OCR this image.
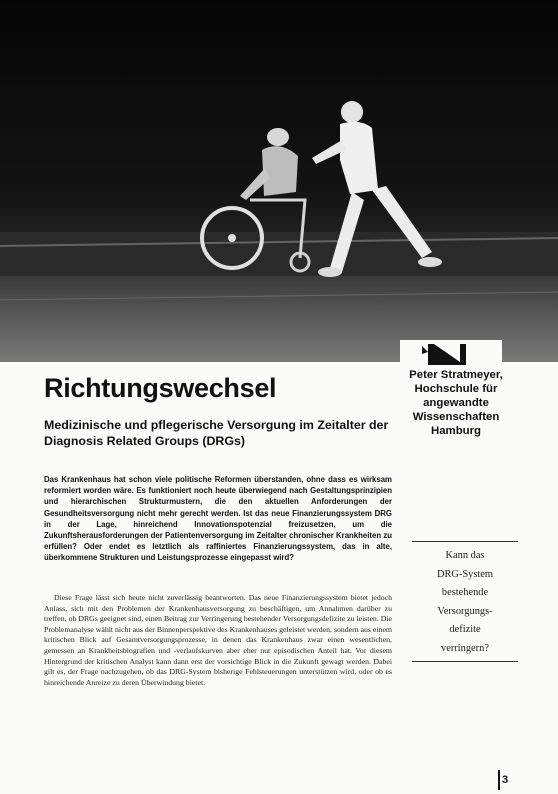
Peter Stratmeyer,
Hochschule für
angewandte
Wissenschaften
Hamburg
Richtungswechsel
Medizinische und pflegerische Versorgung im Zeitalter der Diagnosis Related Groups (DRGs)

Das Krankenhaus hat schon viele politische Reformen überstanden, ohne dass es wirksam reformiert worden wäre. Es funktioniert noch heute überwiegend nach Gestaltungsprinzipien und hierarchischen Strukturmustern, die den aktuellen Anforderungen der Gesundheitsversorgung nicht mehr gerecht werden. Ist das neue Finanzierungssystem DRG in der Lage, hinreichend Innovationspotenzial freizusetzen, um die Zukunftsherausforderungen der Patientenversorgung im Zeitalter chronischer Krankheiten zu erfüllen? Oder endet es letztlich als raffiniertes Finanzierungssystem, das in alte, überkommene Strukturen und Leistungsprozesse eingepasst wird?

Diese Frage lässt sich heute nicht zuverlässig beantworten. Das neue Finanzierungssystem bietet jedoch Anlass, sich mit den Problemen der Krankenhausversorgung zu beschäftigen, um Annahmen darüber zu treffen, ob DRGs geeignet sind, einen Beitrag zur Verringerung bestehender Versorgungsdefizite zu leisten. Die Problemanalyse wählt nicht aus der Binnenperspektive des Krankenhauses geleistet werden, sondern aus einem kritischen Blick auf Gesamtversorgungsprozesse, in denen das Krankenhaus zwar einen wesentlichen, gemessen an Krankheitsbiografien und -verlaufskurven aber eher nur episodischen Anteil hat. Vor diesem Hintergrund der kritischen Analyst kann dann erst der vorsichtige Blick in die Zukunft gewagt werden. Dabei gilt es, der Frage nachzugehen, ob das DRG-System bisherige Fehlsteuerungen unterstützen wird, oder ob es hinreichende Anreize zu deren Überwindung bietet.

Kann das
DRG-System
bestehende
Versorgungs-
defizite
verringern?
3
